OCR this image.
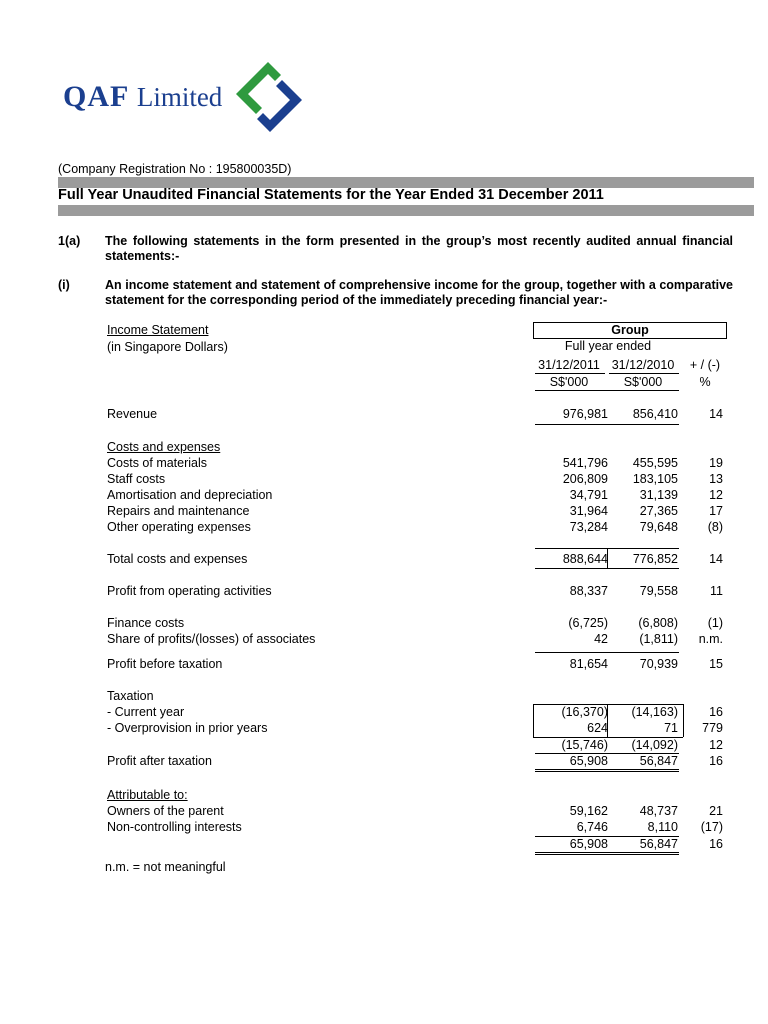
QAF Limited
(Company Registration No : 195800035D)
Full Year Unaudited Financial Statements for the Year Ended 31 December 2011
1(a) The following statements in the form presented in the group’s most recently audited annual financial statements:-
(i)	An income statement and statement of comprehensive income for the group, together with a comparative statement for the corresponding period of the immediately preceding financial year:-
Income Statement
(in Singapore Dollars)
Group
Full year ended
31/12/2011 31/12/2010	+ / (-)
S$'000	S$'000	%
Revenue	976,981	856,410	14
Costs and expenses
Costs of materials	541,796	455,595	19
Staff costs	206,809	183,105	13
Amortisation and depreciation	34,791	31,139	12
Repairs and maintenance	31,964	27,365	17
Other operating expenses	73,284	79,648	(8)
Total costs and expenses	888,644	776,852	14
Profit from operating activities	88,337	79,558	11
Finance costs	(6,725)	(6,808)	(1)
Share of profits/(losses) of associates	42	(1,811)	n.m.
Profit before taxation	81,654	70,939	15
Taxation
- Current year	(16,370)	(14,163)	16
- Overprovision in prior years	624	71	779
(15,746)	(14,092)	12
Profit after taxation	65,908	56,847	16
Attributable to:
Owners of the parent	59,162	48,737	21
Non-controlling interests	6,746	8,110	(17)
65,908	56,847	16
n.m. = not meaningful
